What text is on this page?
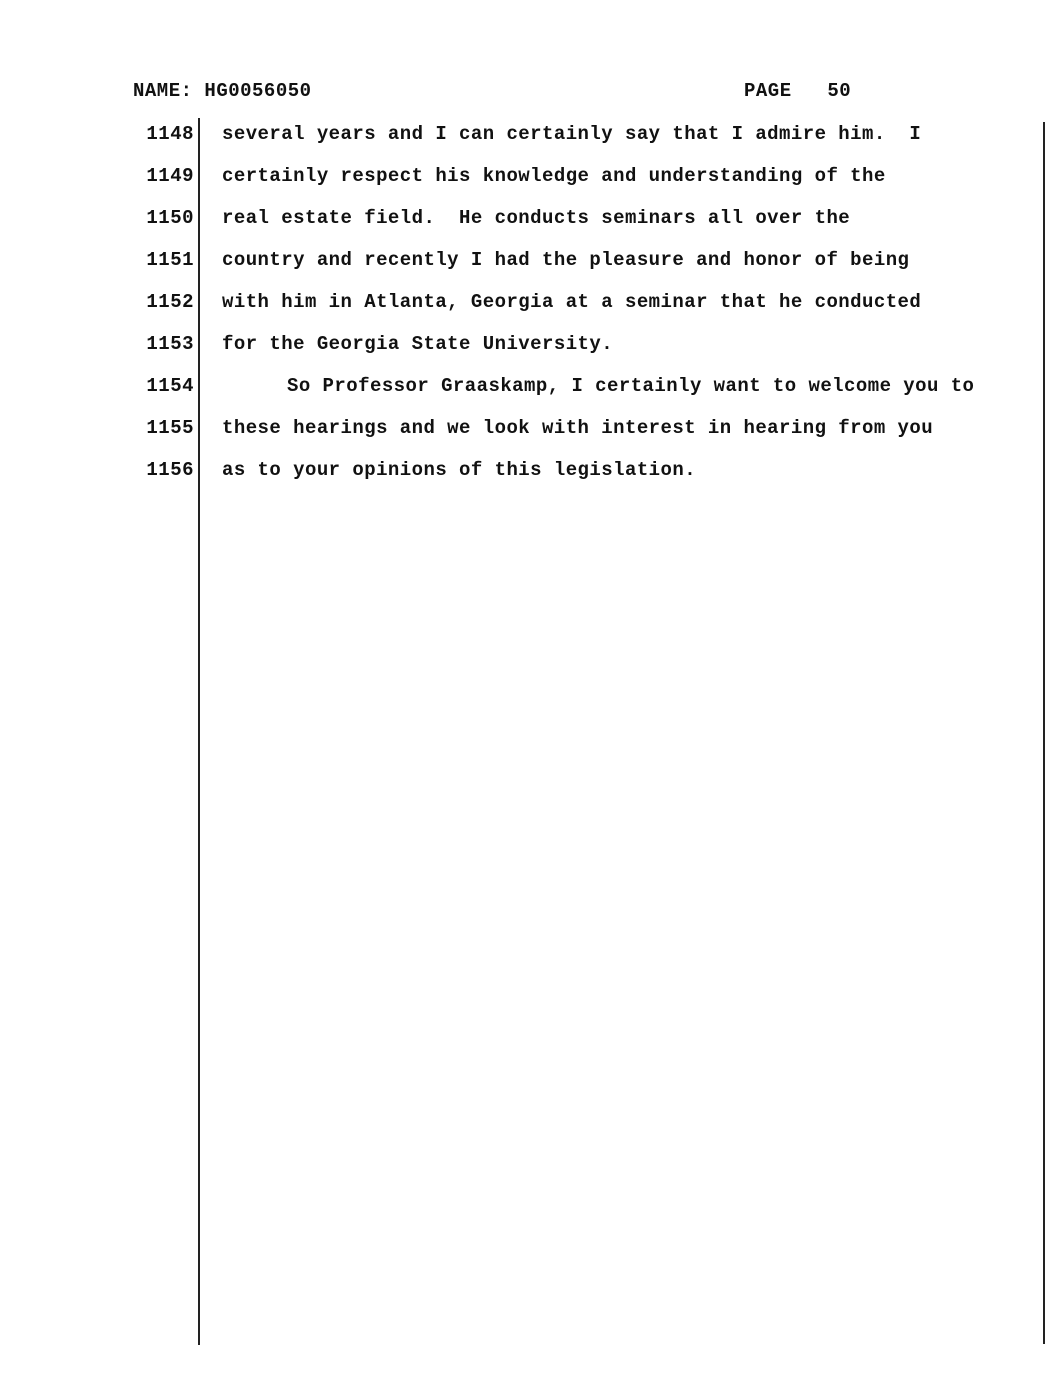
NAME: HG0056050	PAGE 50
1148 several years and I can certainly say that I admire him.  I
1149 certainly respect his knowledge and understanding of the
1150 real estate field.  He conducts seminars all over the
1151 country and recently I had the pleasure and honor of being
1152 with him in Atlanta, Georgia at a seminar that he conducted
1153 for the Georgia State University.
1154	So Professor Graaskamp, I certainly want to welcome you to
1155 these hearings and we look with interest in hearing from you
1156 as to your opinions of this legislation.
